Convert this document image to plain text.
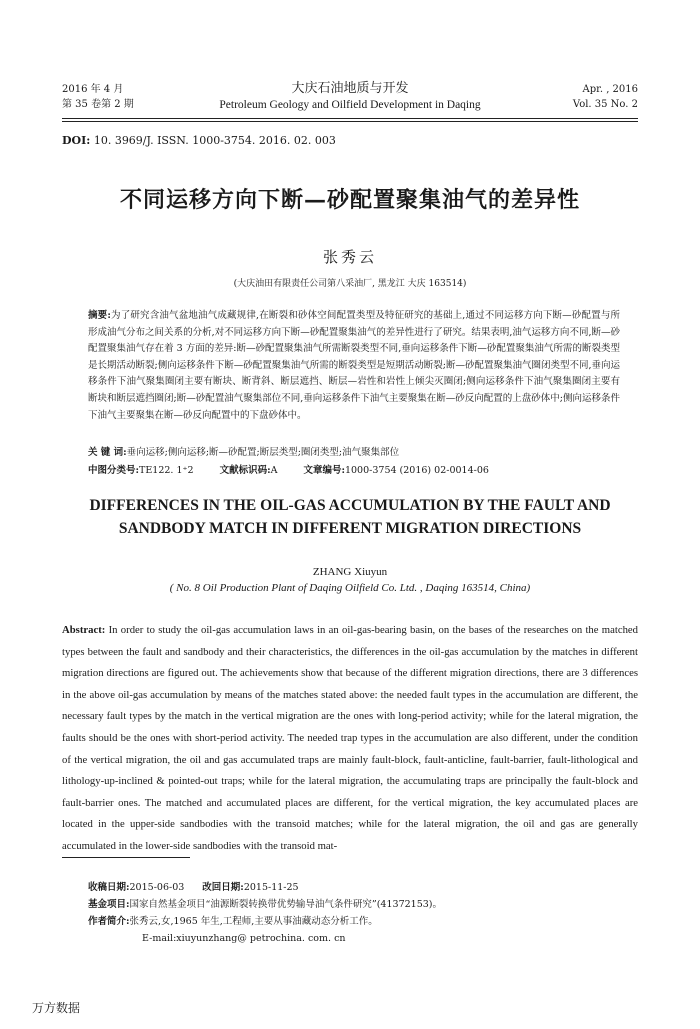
2016 年 4 月
第 35 卷第 2 期
大庆石油地质与开发
Petroleum Geology and Oilfield Development in Daqing
Apr. , 2016
Vol. 35 No. 2
DOI: 10. 3969/J. ISSN. 1000-3754. 2016. 02. 003
不同运移方向下断—砂配置聚集油气的差异性
张秀云
(大庆油田有限责任公司第八采油厂, 黑龙江 大庆 163514)
摘要:为了研究含油气盆地油气成藏规律,在断裂和砂体空间配置类型及特征研究的基础上,通过不同运移方向下断—砂配置与所形成油气分布之间关系的分析,对不同运移方向下断—砂配置聚集油气的差异性进行了研究。结果表明,油气运移方向不同,断—砂配置聚集油气存在着 3 方面的差异:断—砂配置聚集油气所需断裂类型不同,垂向运移条件下断—砂配置聚集油气所需的断裂类型是长期活动断裂;侧向运移条件下断—砂配置聚集油气所需的断裂类型是短期活动断裂;断—砂配置聚集油气圈闭类型不同,垂向运移条件下油气聚集圈闭主要有断块、断背斜、断层遮挡、断层—岩性和岩性上倾尖灭圈闭;侧向运移条件下油气聚集圈闭主要有断块和断层遮挡圈闭;断—砂配置油气聚集部位不同,垂向运移条件下油气主要聚集在断—砂反向配置的上盘砂体中;侧向运移条件下油气主要聚集在断—砂反向配置中的下盘砂体中。
关 键 词:垂向运移;侧向运移;断—砂配置;断层类型;圈闭类型;油气聚集部位
中图分类号:TE122. 1⁺2	文献标识码:A	文章编号:1000-3754 (2016) 02-0014-06
DIFFERENCES IN THE OIL-GAS ACCUMULATION BY THE FAULT AND SANDBODY MATCH IN DIFFERENT MIGRATION DIRECTIONS
ZHANG Xiuyun
( No. 8 Oil Production Plant of Daqing Oilfield Co. Ltd. , Daqing 163514, China)
Abstract: In order to study the oil-gas accumulation laws in an oil-gas-bearing basin, on the bases of the researches on the matched types between the fault and sandbody and their characteristics, the differences in the oil-gas accumulation by the matches in different migration directions are figured out. The achievements show that because of the different migration directions, there are 3 differences in the above oil-gas accumulation by means of the matches stated above: the needed fault types in the accumulation are different, the necessary fault types by the match in the vertical migration are the ones with long-period activity; while for the lateral migration, the faults should be the ones with short-period activity. The needed trap types in the accumulation are also different, under the condition of the vertical migration, the oil and gas accumulated traps are mainly fault-block, fault-anticline, fault-barrier, fault-lithological and lithology-up-inclined & pointed-out traps; while for the lateral migration, the accumulating traps are principally the fault-block and fault-barrier ones. The matched and accumulated places are different, for the vertical migration, the key accumulated places are located in the upper-side sandbodies with the transoid matches; while for the lateral migration, the oil and gas are generally accumulated in the lower-side sandbodies with the transoid mat-
收稿日期:2015-06-03 改回日期:2015-11-25
基金项目:国家自然基金项目“油源断裂转换带优势输导油气条件研究”(41372153)。
作者简介:张秀云,女,1965 年生,工程师,主要从事油藏动态分析工作。
E-mail:xiuyunzhang@ petrochina. com. cn
万方数据
